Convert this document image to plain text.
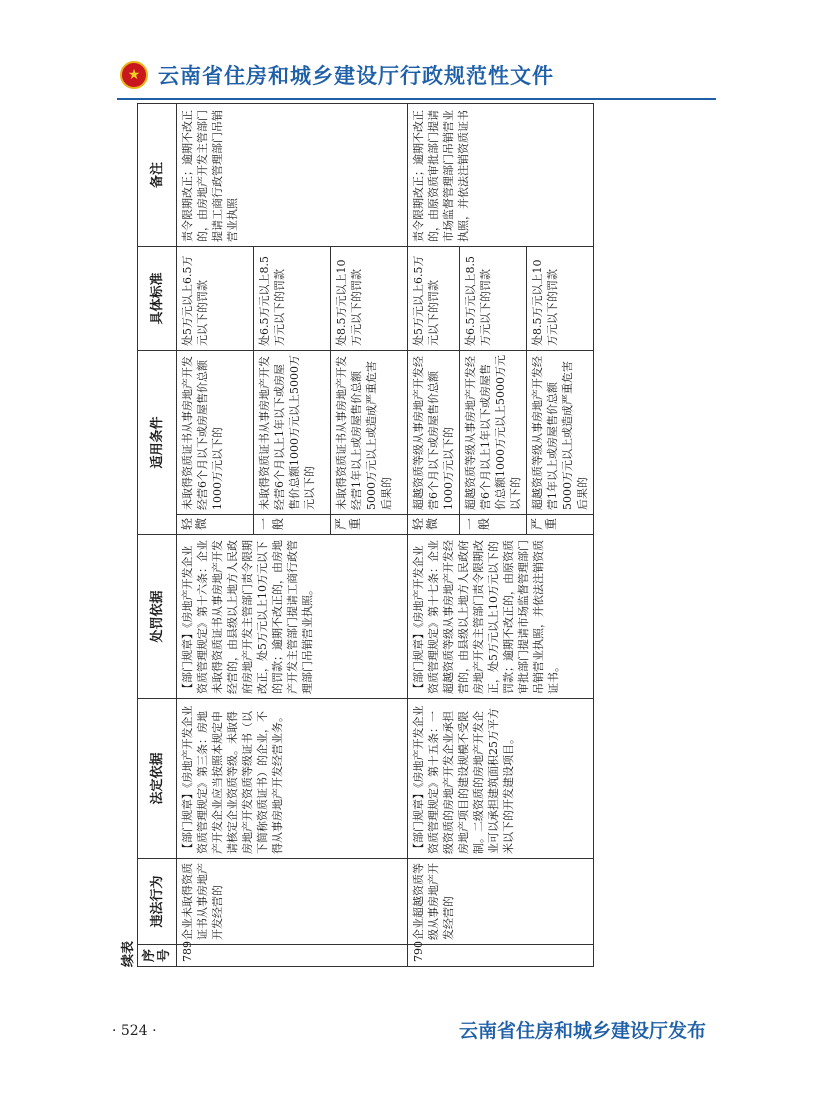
★
云南省住房和城乡建设厅行政规范性文件
续表 序号	违法行为	法定依据	处罚依据	适用条件		具体标准	备注
789	企业未取得资质证书从事房地产开发经营的	【部门规章】《房地产开发企业资质管理规定》第三条：房地产开发企业应当按照本规定申请核定企业资质等级。未取得房地产开发资质等级证书（以下简称资质证书）的企业，不得从事房地产开发经营业务。	【部门规章】《房地产开发企业资质管理规定》第十六条：企业未取得资质证书从事房地产开发经营的，由县级以上地方人民政府房地产开发主管部门责令限期改正，处5万元以上10万元以下的罚款；逾期不改正的，由房地产开发主管部门提请工商行政管理部门吊销营业执照。	轻微	未取得资质证书从事房地产开发经营6个月以下或房屋售价总额1000万元以下的	处5万元以上6.5万元以下的罚款	责令限期改正；逾期不改正的，由房地产开发主管部门提请工商行政管理部门吊销营业执照
				一般	未取得资质证书从事房地产开发经营6个月以上1年以下或房屋售价总额1000万元以上5000万元以下的	处6.5万元以上8.5万元以下的罚款	
				严重	未取得资质证书从事房地产开发经营1年以上或房屋售价总额5000万元以上或造成严重危害后果的	处8.5万元以上10万元以下的罚款	
790	企业超越资质等级从事房地产开发经营的	【部门规章】《房地产开发企业资质管理规定》第十五条：一级资质的房地产开发企业承担房地产项目的建设规模不受限制。二级资质的房地产开发企业可以承担建筑面积25万平方米以下的开发建设项目。	【部门规章】《房地产开发企业资质管理规定》第十七条：企业超越资质等级从事房地产开发经营的，由县级以上地方人民政府房地产开发主管部门责令限期改正，处5万元以上10万元以下的罚款；逾期不改正的，由原资质审批部门提请市场监督管理部门吊销营业执照，并依法注销资质证书。	轻微	超越资质等级从事房地产开发经营6个月以下或房屋售价总额1000万元以下的	处5万元以上6.5万元以下的罚款	责令限期改正；逾期不改正的，由原资质审批部门提请市场监督管理部门吊销营业执照，并依法注销资质证书
				一般	超越资质等级从事房地产开发经营6个月以上1年以下或房屋售价总额1000万元以上5000万元以下的	处6.5万元以上8.5万元以下的罚款	
				严重	超越资质等级从事房地产开发经营1年以上或房屋售价总额5000万元以上或造成严重危害后果的	处8.5万元以上10万元以下的罚款	
· 524 ·	云南省住房和城乡建设厅发布
